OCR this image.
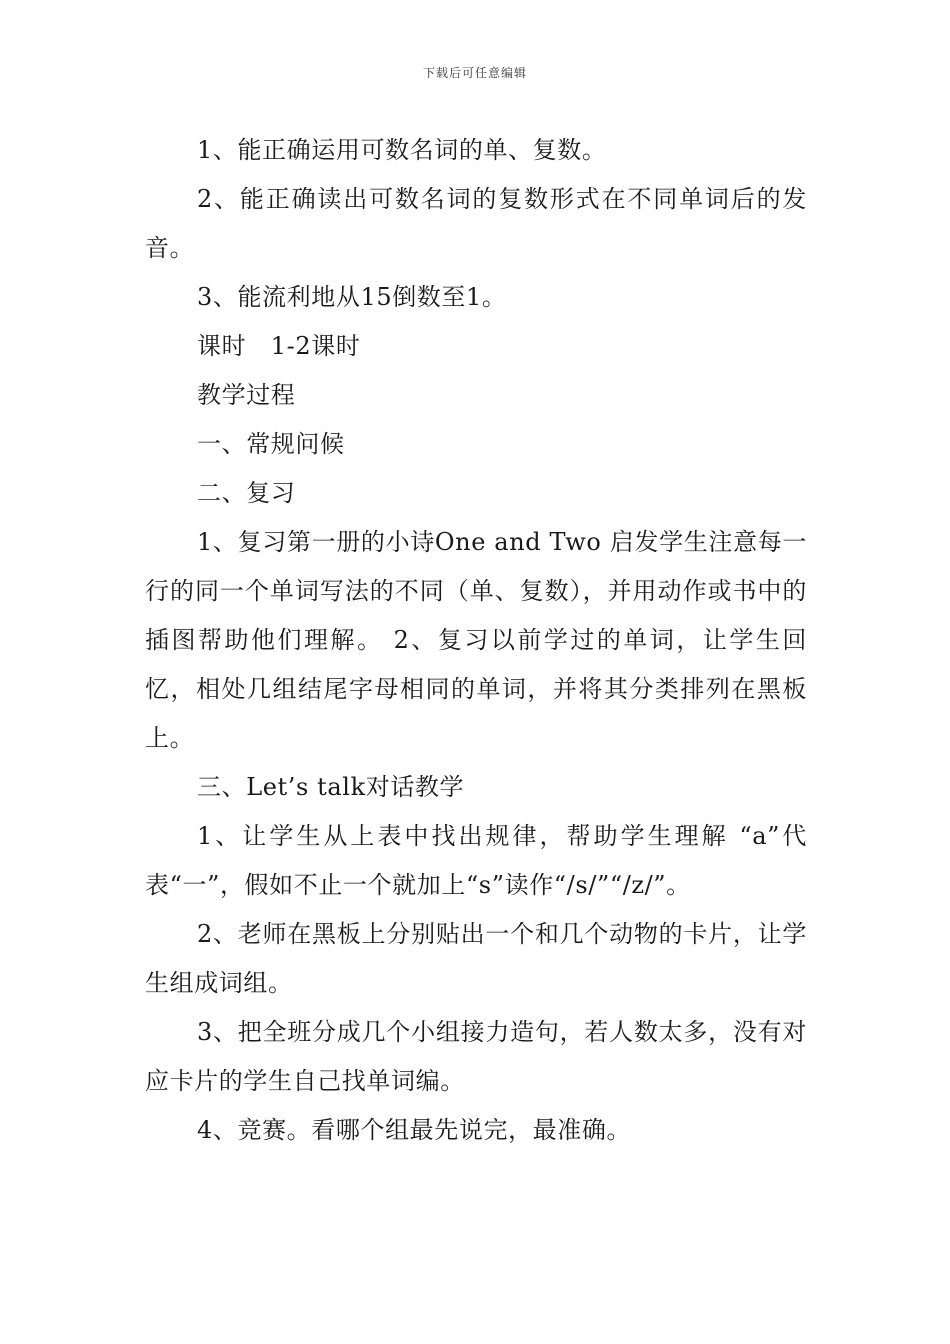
下载后可任意编辑

1、能正确运用可数名词的单、复数。

2、能正确读出可数名词的复数形式在不同单词后的发音。

3、能流利地从15倒数至1。

课时　1-2课时

教学过程

一、常规问候

二、复习

1、复习第一册的小诗One and Two 启发学生注意每一行的同一个单词写法的不同（单、复数），并用动作或书中的插图帮助他们理解。 2、复习以前学过的单词，让学生回忆，相处几组结尾字母相同的单词，并将其分类排列在黑板上。

三、Let’s talk对话教学

1、让学生从上表中找出规律，帮助学生理解 “a”代表“一”，假如不止一个就加上“s”读作“/s/”“/z/”。

2、老师在黑板上分别贴出一个和几个动物的卡片，让学生组成词组。

3、把全班分成几个小组接力造句，若人数太多，没有对应卡片的学生自己找单词编。

4、竞赛。看哪个组最先说完，最准确。
